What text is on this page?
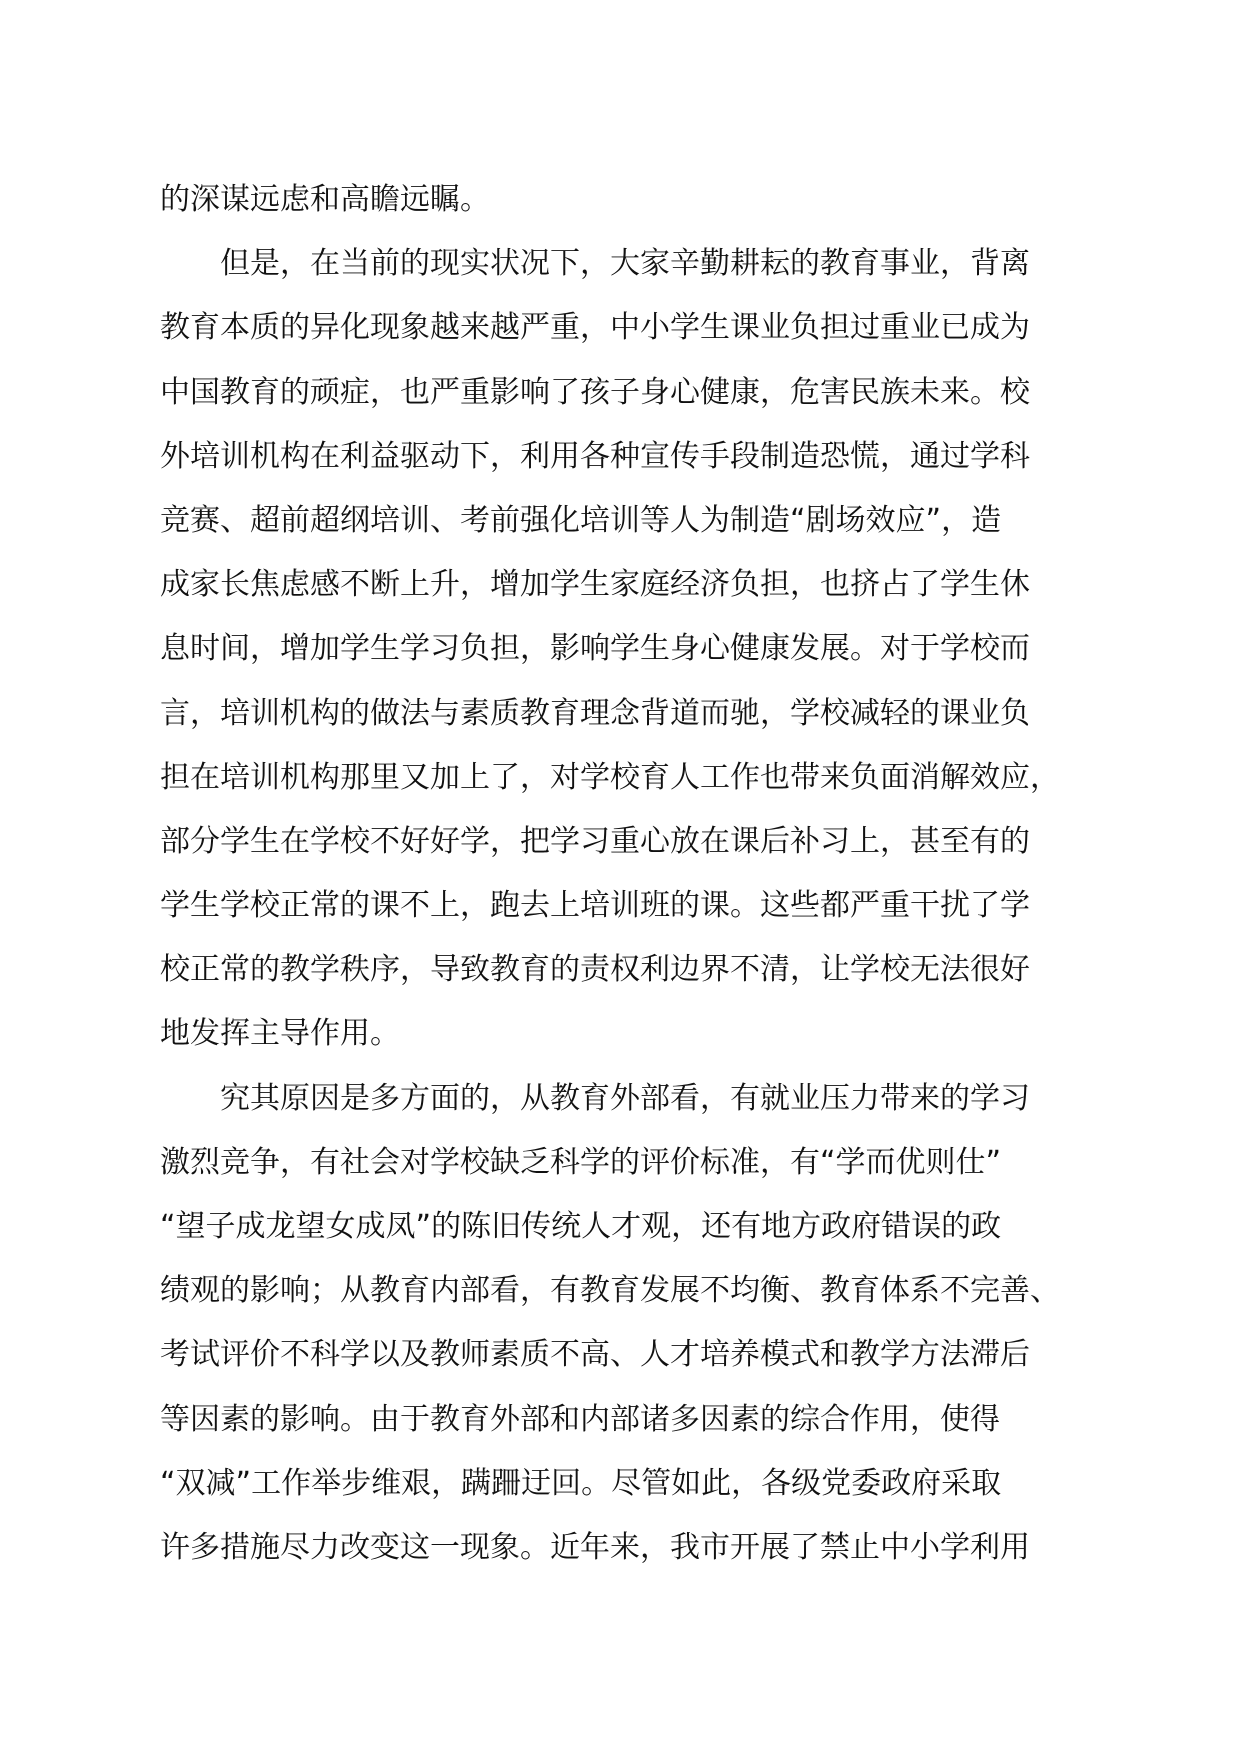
的深谋远虑和高瞻远瞩。
　　但是，在当前的现实状况下，大家辛勤耕耘的教育事业，背离
教育本质的异化现象越来越严重，中小学生课业负担过重业已成为
中国教育的顽症，也严重影响了孩子身心健康，危害民族未来。校
外培训机构在利益驱动下，利用各种宣传手段制造恐慌，通过学科
竞赛、超前超纲培训、考前强化培训等人为制造“剧场效应”，造
成家长焦虑感不断上升，增加学生家庭经济负担，也挤占了学生休
息时间，增加学生学习负担，影响学生身心健康发展。对于学校而
言，培训机构的做法与素质教育理念背道而驰，学校减轻的课业负
担在培训机构那里又加上了，对学校育人工作也带来负面消解效应，
部分学生在学校不好好学，把学习重心放在课后补习上，甚至有的
学生学校正常的课不上，跑去上培训班的课。这些都严重干扰了学
校正常的教学秩序，导致教育的责权利边界不清，让学校无法很好
地发挥主导作用。
　　究其原因是多方面的，从教育外部看，有就业压力带来的学习
激烈竞争，有社会对学校缺乏科学的评价标准，有“学而优则仕”
“望子成龙望女成凤”的陈旧传统人才观，还有地方政府错误的政
绩观的影响；从教育内部看，有教育发展不均衡、教育体系不完善、
考试评价不科学以及教师素质不高、人才培养模式和教学方法滞后
等因素的影响。由于教育外部和内部诸多因素的综合作用，使得
“双减”工作举步维艰，蹒跚迂回。尽管如此，各级党委政府采取
许多措施尽力改变这一现象。近年来，我市开展了禁止中小学利用
